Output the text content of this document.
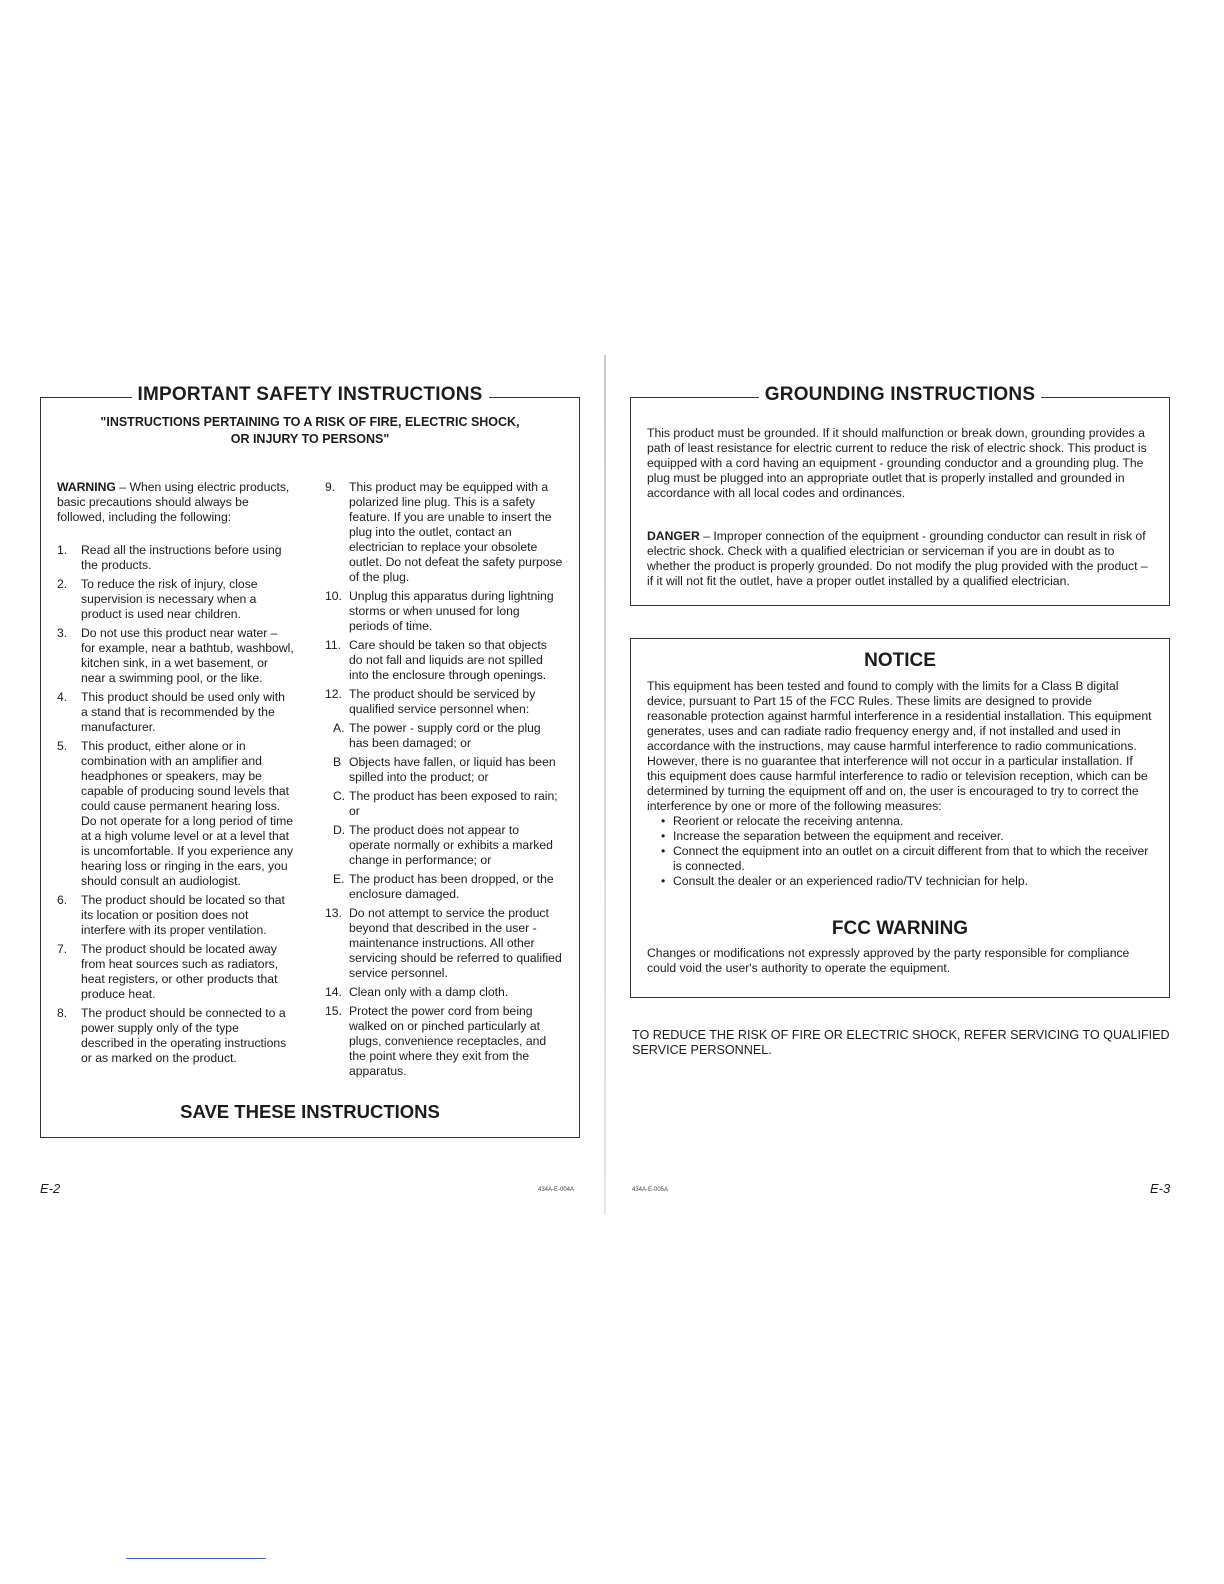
IMPORTANT SAFETY INSTRUCTIONS
"INSTRUCTIONS PERTAINING TO A RISK OF FIRE, ELECTRIC SHOCK,
OR INJURY TO PERSONS"
WARNING – When using electric products, basic precautions should always be followed, including the following:
1.	Read all the instructions before using the products.
2.	To reduce the risk of injury, close supervision is necessary when a product is used near children.
3.	Do not use this product near water – for example, near a bathtub, washbowl, kitchen sink, in a wet basement, or near a swimming pool, or the like.
4.	This product should be used only with a stand that is recommended by the manufacturer.
5.	This product, either alone or in combination with an amplifier and headphones or speakers, may be capable of producing sound levels that could cause permanent hearing loss. Do not operate for a long period of time at a high volume level or at a level that is uncomfortable. If you experience any hearing loss or ringing in the ears, you should consult an audiologist.
6.	The product should be located so that its location or position does not interfere with its proper ventilation.
7.	The product should be located away from heat sources such as radiators, heat registers, or other products that produce heat.
8.	The product should be connected to a power supply only of the type described in the operating instructions or as marked on the product.
9.	This product may be equipped with a polarized line plug. This is a safety feature. If you are unable to insert the plug into the outlet, contact an electrician to replace your obsolete outlet. Do not defeat the safety purpose of the plug.
10. Unplug this apparatus during lightning storms or when unused for long periods of time.
11. Care should be taken so that objects do not fall and liquids are not spilled into the enclosure through openings.
12. The product should be serviced by qualified service personnel when:
A. The power - supply cord or the plug has been damaged; or
B Objects have fallen, or liquid has been spilled into the product; or
C. The product has been exposed to rain; or
D. The product does not appear to operate normally or exhibits a marked change in performance; or
E. The product has been dropped, or the enclosure damaged.
13. Do not attempt to service the product beyond that described in the user - maintenance instructions. All other servicing should be referred to qualified service personnel.
14. Clean only with a damp cloth.
15. Protect the power cord from being walked on or pinched particularly at plugs, convenience receptacles, and the point where they exit from the apparatus.
SAVE THESE INSTRUCTIONS
E-2	434A-E-004A
GROUNDING INSTRUCTIONS
This product must be grounded. If it should malfunction or break down, grounding provides a path of least resistance for electric current to reduce the risk of electric shock. This product is equipped with a cord having an equipment - grounding conductor and a grounding plug. The plug must be plugged into an appropriate outlet that is properly installed and grounded in accordance with all local codes and ordinances.
DANGER – Improper connection of the equipment - grounding conductor can result in risk of electric shock. Check with a qualified electrician or serviceman if you are in doubt as to whether the product is properly grounded. Do not modify the plug provided with the product – if it will not fit the outlet, have a proper outlet installed by a qualified electrician.
NOTICE
This equipment has been tested and found to comply with the limits for a Class B digital device, pursuant to Part 15 of the FCC Rules. These limits are designed to provide reasonable protection against harmful interference in a residential installation. This equipment generates, uses and can radiate radio frequency energy and, if not installed and used in accordance with the instructions, may cause harmful interference to radio communications. However, there is no guarantee that interference will not occur in a particular installation. If this equipment does cause harmful interference to radio or television reception, which can be determined by turning the equipment off and on, the user is encouraged to try to correct the interference by one or more of the following measures:
• Reorient or relocate the receiving antenna.
• Increase the separation between the equipment and receiver.
• Connect the equipment into an outlet on a circuit different from that to which the receiver is connected.
• Consult the dealer or an experienced radio/TV technician for help.
FCC WARNING
Changes or modifications not expressly approved by the party responsible for compliance could void the user's authority to operate the equipment.
TO REDUCE THE RISK OF FIRE OR ELECTRIC SHOCK, REFER SERVICING TO QUALIFIED SERVICE PERSONNEL.
434A-E-005A	E-3
